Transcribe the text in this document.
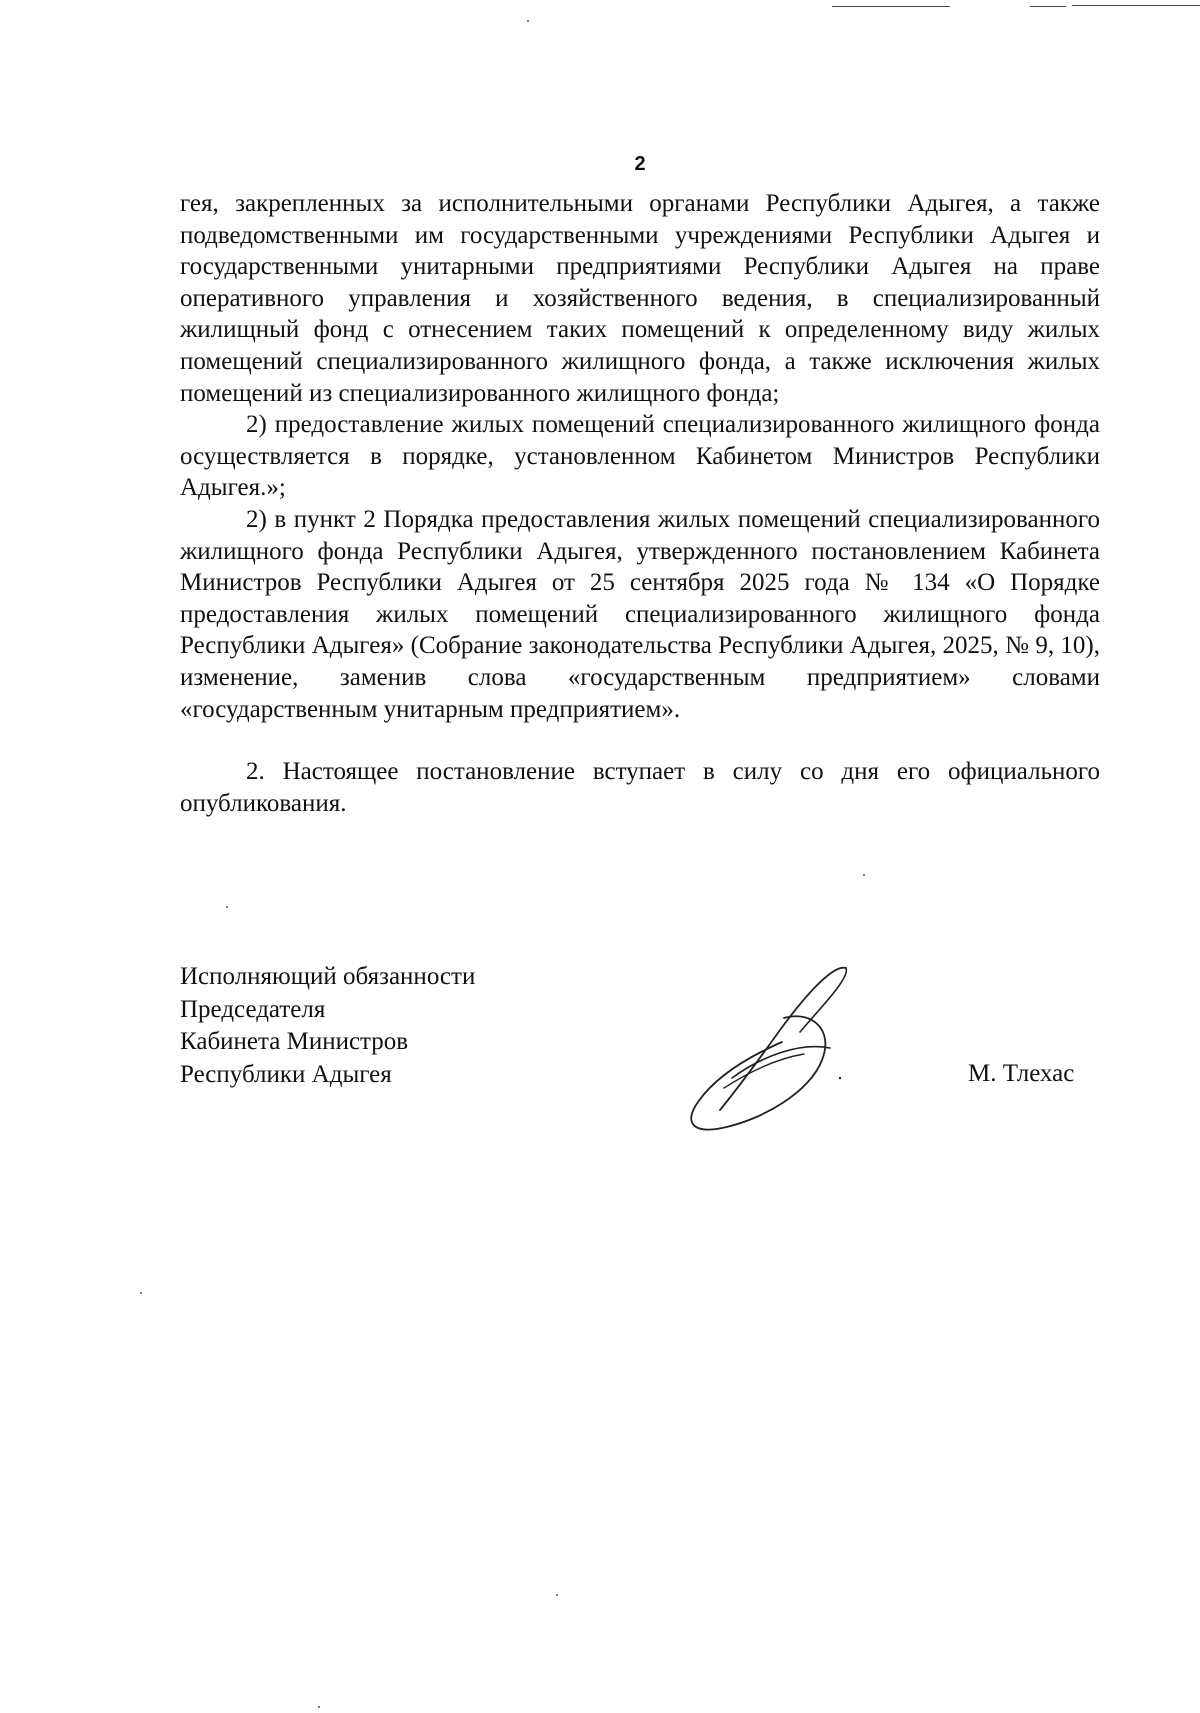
2

гея, закрепленных за исполнительными органами Республики Адыгея, а также подведомственными им государственными учреждениями Республики Адыгея и государственными унитарными предприятиями Республики Адыгея на праве оперативного управления и хозяйственного ведения, в специализированный жилищный фонд с отнесением таких помещений к определенному виду жилых помещений специализированного жилищного фонда, а также исключения жилых помещений из специализированного жилищного фонда;

2) предоставление жилых помещений специализированного жилищного фонда осуществляется в порядке, установленном Кабинетом Министров Республики Адыгея.»;

2) в пункт 2 Порядка предоставления жилых помещений специализированного жилищного фонда Республики Адыгея, утвержденного постановлением Кабинета Министров Республики Адыгея от 25 сентября 2025 года № 134 «О Порядке предоставления жилых помещений специализированного жилищного фонда Республики Адыгея» (Собрание законодательства Республики Адыгея, 2025, № 9, 10), изменение, заменив слова «государственным предприятием» словами «государственным унитарным предприятием».

2. Настоящее постановление вступает в силу со дня его официального опубликования.

Исполняющий обязанности
Председателя
Кабинета Министров
Республики Адыгея	М. Тлехас
